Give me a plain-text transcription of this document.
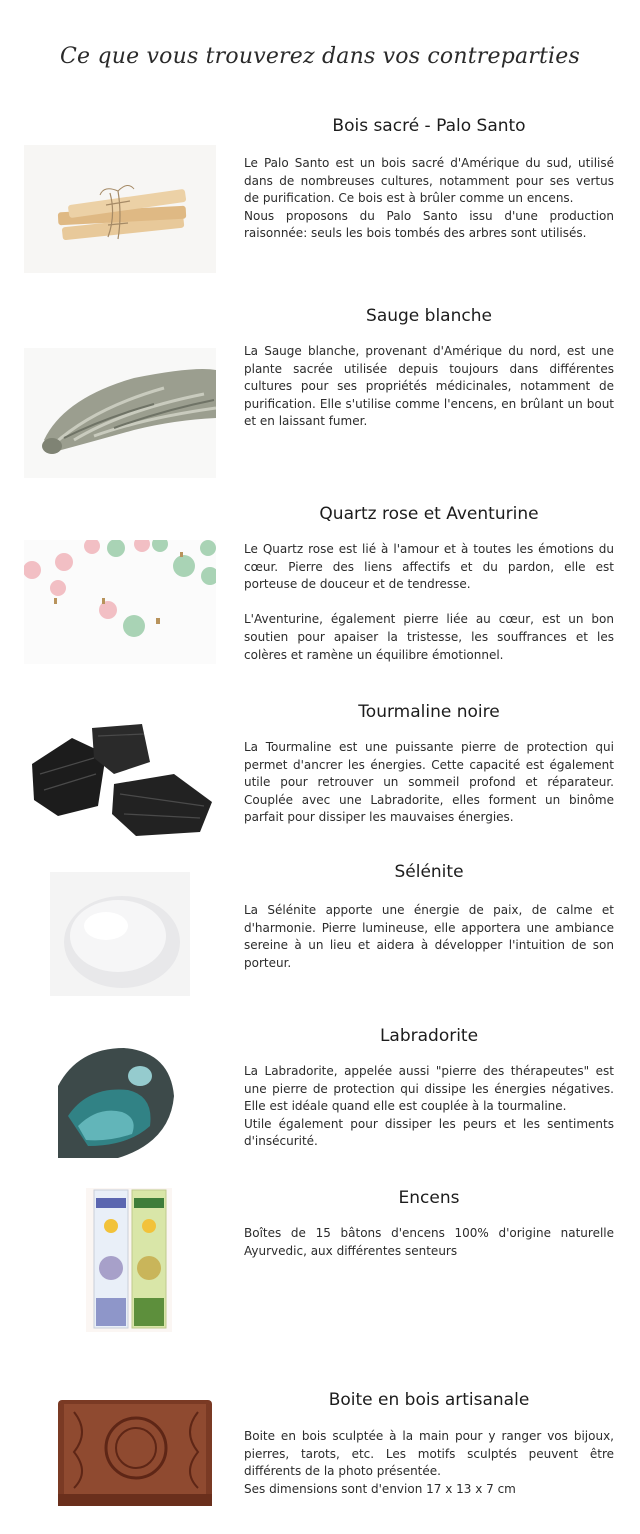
Ce que vous trouverez dans vos contreparties
Bois sacré - Palo Santo
Le Palo Santo est un bois sacré d'Amérique du sud, utilisé dans de nombreuses cultures, notamment pour ses vertus de purification. Ce bois est à brûler comme un encens.
Nous proposons du Palo Santo issu d'une production raisonnée: seuls les bois tombés des arbres sont utilisés.
Sauge blanche
La Sauge blanche, provenant d'Amérique du nord, est une plante sacrée utilisée depuis toujours dans différentes cultures pour ses propriétés médicinales, notamment de purification. Elle s'utilise comme l'encens, en brûlant un bout et en laissant fumer.
Quartz rose et Aventurine
Le Quartz rose est lié à l'amour et à toutes les émotions du cœur. Pierre des liens affectifs et du pardon, elle est porteuse de douceur et de tendresse.

L'Aventurine, également pierre liée au cœur, est un bon soutien pour apaiser la tristesse, les souffrances et les colères et ramène un équilibre émotionnel.
Tourmaline noire
La Tourmaline est une puissante pierre de protection qui permet d'ancrer les énergies. Cette capacité est également utile pour retrouver un sommeil profond et réparateur. Couplée avec une Labradorite, elles forment un binôme parfait pour dissiper les mauvaises énergies.
Sélénite
La Sélénite apporte une énergie de paix, de calme et d'harmonie. Pierre lumineuse, elle apportera une ambiance sereine à un lieu et aidera à développer l'intuition de son porteur.
Labradorite
La Labradorite, appelée aussi "pierre des thérapeutes" est une pierre de protection qui dissipe les énergies négatives. Elle est idéale quand elle est couplée à la tourmaline.
Utile également pour dissiper les peurs et les sentiments d'insécurité.
Encens
Boîtes de 15 bâtons d'encens 100% d'origine naturelle Ayurvedic, aux différentes senteurs
Boite en bois artisanale
Boite en bois sculptée à la main pour y ranger vos bijoux, pierres, tarots, etc. Les motifs sculptés peuvent être différents de la photo présentée.
Ses dimensions sont d'envion 17 x 13 x 7 cm
